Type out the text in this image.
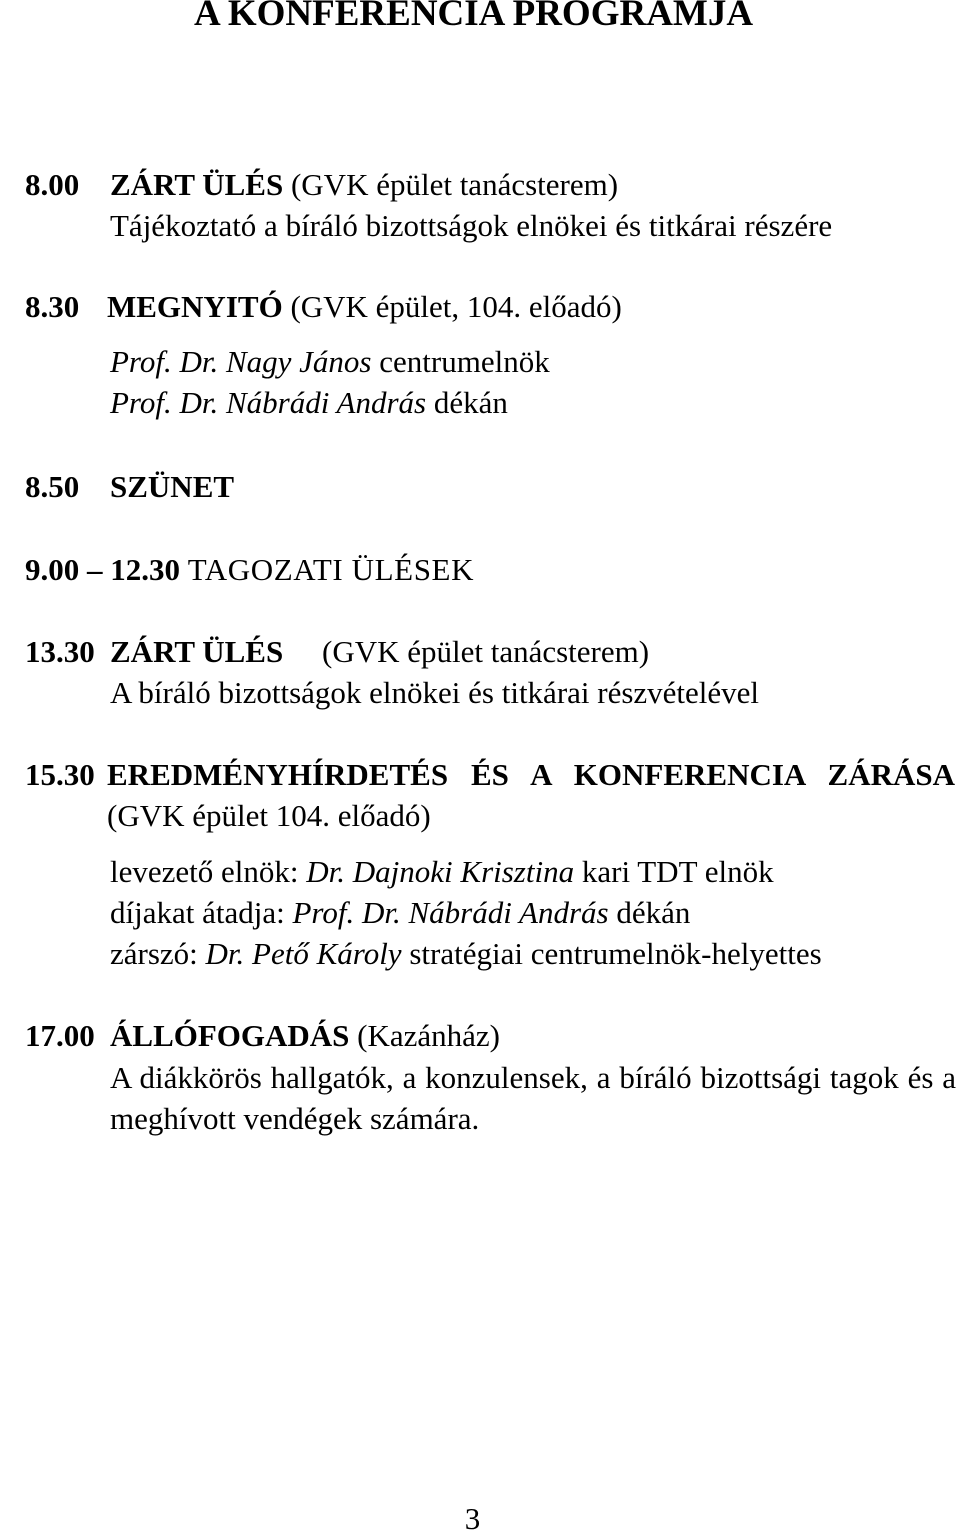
A KONFERENCIA PROGRAMJA
8.00 ZÁRT ÜLÉS (GVK épület tanácsterem)
Tájékoztató a bíráló bizottságok elnökei és titkárai részére
8.30 MEGNYITÓ (GVK épület, 104. előadó)
Prof. Dr. Nagy János centrumelnök
Prof. Dr. Nábrádi András dékán
8.50 SZÜNET
9.00 – 12.30 TAGOZATI ÜLÉSEK
13.30 ZÁRT ÜLÉS (GVK épület tanácsterem)
A bíráló bizottságok elnökei és titkárai részvételével
15.30 EREDMÉNYHÍRDETÉS ÉS A KONFERENCIA ZÁRÁSA
(GVK épület 104. előadó)
levezető elnök: Dr. Dajnoki Krisztina kari TDT elnök
díjakat átadja: Prof. Dr. Nábrádi András dékán
zárszó: Dr. Pető Károly stratégiai centrumelnök-helyettes
17.00 ÁLLÓFOGADÁS (Kazánház)
A diákkörös hallgatók, a konzulensek, a bíráló bizottsági tagok és a
meghívott vendégek számára.
3
